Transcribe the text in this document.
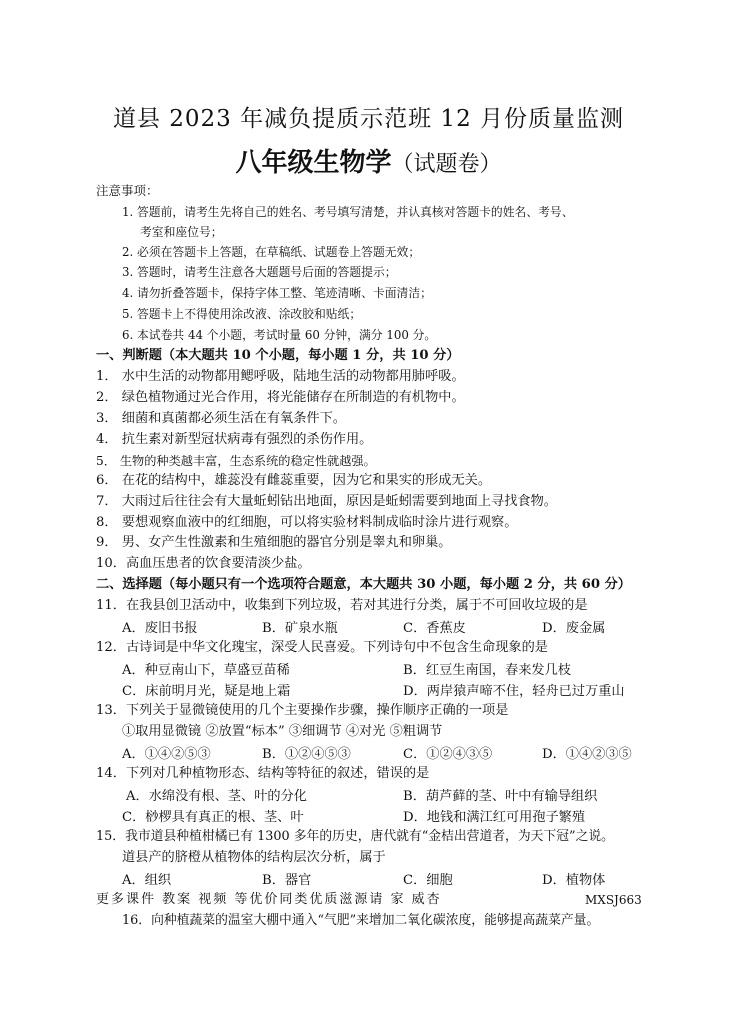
道县 2023 年减负提质示范班 12 月份质量监测
八年级生物学（试题卷）
注意事项：
1. 答题前，请考生先将自己的姓名、考号填写清楚，并认真核对答题卡的姓名、考号、
考室和座位号；
2. 必须在答题卡上答题，在草稿纸、试题卷上答题无效；
3. 答题时，请考生注意各大题题号后面的答题提示；
4. 请勿折叠答题卡，保持字体工整、笔迹清晰、卡面清洁；
5. 答题卡上不得使用涂改液、涂改胶和贴纸；
6. 本试卷共 44 个小题，考试时量 60 分钟，满分 100 分。
一、判断题（本大题共 10 个小题，每小题 1 分，共 10 分）
1． 水中生活的动物都用鳃呼吸，陆地生活的动物都用肺呼吸。
2． 绿色植物通过光合作用，将光能储存在所制造的有机物中。
3． 细菌和真菌都必须生活在有氧条件下。
4． 抗生素对新型冠状病毒有强烈的杀伤作用。
5． 生物的种类越丰富，生态系统的稳定性就越强。
6． 在花的结构中，雄蕊没有雌蕊重要，因为它和果实的形成无关。
7． 大雨过后往往会有大量蚯蚓钻出地面，原因是蚯蚓需要到地面上寻找食物。
8． 要想观察血液中的红细胞，可以将实验材料制成临时涂片进行观察。
9． 男、女产生性激素和生殖细胞的器官分别是睾丸和卵巢。
10．高血压患者的饮食要清淡少盐。
二、选择题（每小题只有一个选项符合题意，本大题共 30 小题，每小题 2 分，共 60 分）
11．在我县创卫活动中，收集到下列垃圾，若对其进行分类，属于不可回收垃圾的是
A．废旧书报	B．矿泉水瓶	C．香蕉皮	D．废金属
12．古诗词是中华文化瑰宝，深受人民喜爱。下列诗句中不包含生命现象的是
A．种豆南山下，草盛豆苗稀	B．红豆生南国，春来发几枝
C．床前明月光，疑是地上霜	D．两岸猿声啼不住，轻舟已过万重山
13．下列关于显微镜使用的几个主要操作步骤，操作顺序正确的一项是
①取用显微镜 ②放置“标本” ③细调节 ④对光 ⑤粗调节
A．①④②⑤③	B．①②④⑤③	C．①②④③⑤	D．①④②③⑤
14．下列对几种植物形态、结构等特征的叙述，错误的是
A．水绵没有根、茎、叶的分化	B．葫芦藓的茎、叶中有输导组织
C．桫椤具有真正的根、茎、叶	D．地钱和满江红可用孢子繁殖
15．我市道县种植柑橘已有 1300 多年的历史，唐代就有“金桔出营道者，为天下冠”之说。
道县产的脐橙从植物体的结构层次分析，属于
A．组织	B．器官	C．细胞	D．植物体
更多课件 教案 视频 等优价同类优质滋源请 家 威杏	MXSJ663
16．向种植蔬菜的温室大棚中通入“气肥”来增加二氧化碳浓度，能够提高蔬菜产量。
